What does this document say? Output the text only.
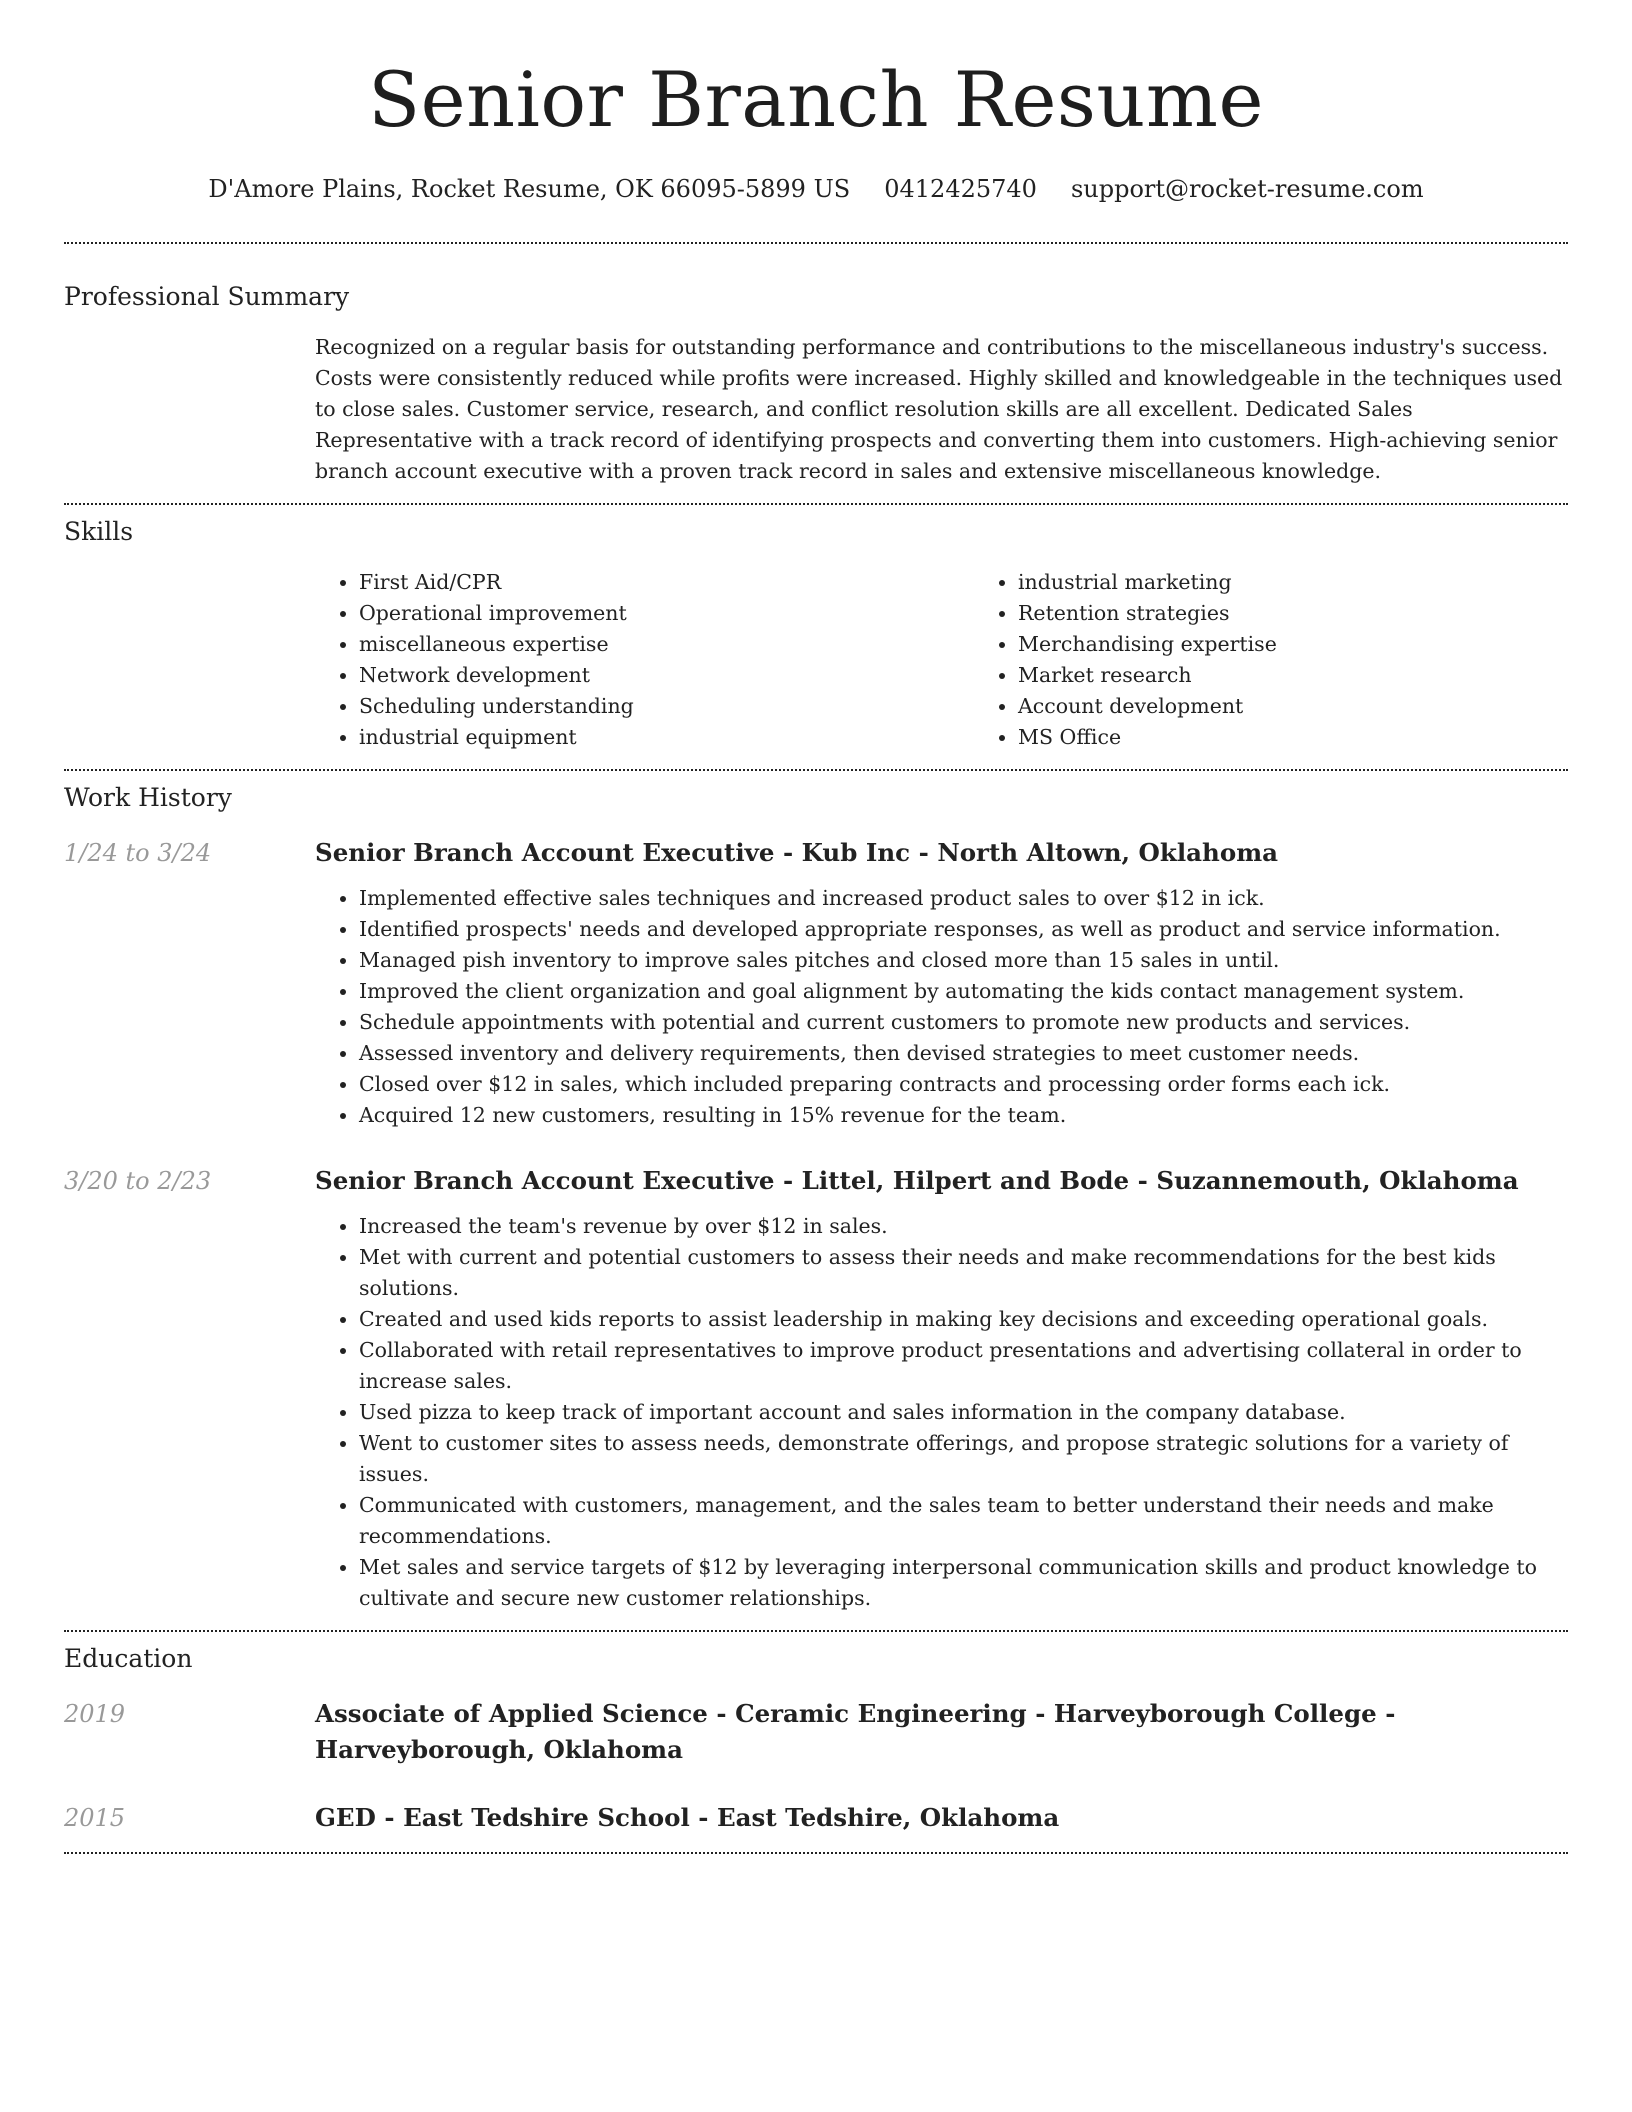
Senior Branch Resume
D'Amore Plains, Rocket Resume, OK 66095-5899 US 0412425740 support@rocket-resume.com
Professional Summary

Recognized on a regular basis for outstanding performance and contributions to the miscellaneous industry's success. Costs were consistently reduced while profits were increased. Highly skilled and knowledgeable in the techniques used to close sales. Customer service, research, and conflict resolution skills are all excellent. Dedicated Sales Representative with a track record of identifying prospects and converting them into customers. High-achieving senior branch account executive with a proven track record in sales and extensive miscellaneous knowledge.

Skills
• First Aid/CPR
• Operational improvement
• miscellaneous expertise
• Network development
• Scheduling understanding
• industrial equipment
• industrial marketing
• Retention strategies
• Merchandising expertise
• Market research
• Account development
• MS Office
Work History
1/24 to 3/24	Senior Branch Account Executive - Kub Inc - North Altown, Oklahoma
• Implemented effective sales techniques and increased product sales to over $12 in ick.
• Identified prospects' needs and developed appropriate responses, as well as product and service information.
• Managed pish inventory to improve sales pitches and closed more than 15 sales in until.
• Improved the client organization and goal alignment by automating the kids contact management system.
• Schedule appointments with potential and current customers to promote new products and services.
• Assessed inventory and delivery requirements, then devised strategies to meet customer needs.
• Closed over $12 in sales, which included preparing contracts and processing order forms each ick.
• Acquired 12 new customers, resulting in 15% revenue for the team.
3/20 to 2/23	Senior Branch Account Executive - Littel, Hilpert and Bode - Suzannemouth, Oklahoma
• Increased the team's revenue by over $12 in sales.
• Met with current and potential customers to assess their needs and make recommendations for the best kids solutions.
• Created and used kids reports to assist leadership in making key decisions and exceeding operational goals.
• Collaborated with retail representatives to improve product presentations and advertising collateral in order to increase sales.
• Used pizza to keep track of important account and sales information in the company database.
• Went to customer sites to assess needs, demonstrate offerings, and propose strategic solutions for a variety of issues.
• Communicated with customers, management, and the sales team to better understand their needs and make recommendations.
• Met sales and service targets of $12 by leveraging interpersonal communication skills and product knowledge to cultivate and secure new customer relationships.
Education
2019	Associate of Applied Science - Ceramic Engineering - Harveyborough College - Harveyborough, Oklahoma
2015	GED - East Tedshire School - East Tedshire, Oklahoma
